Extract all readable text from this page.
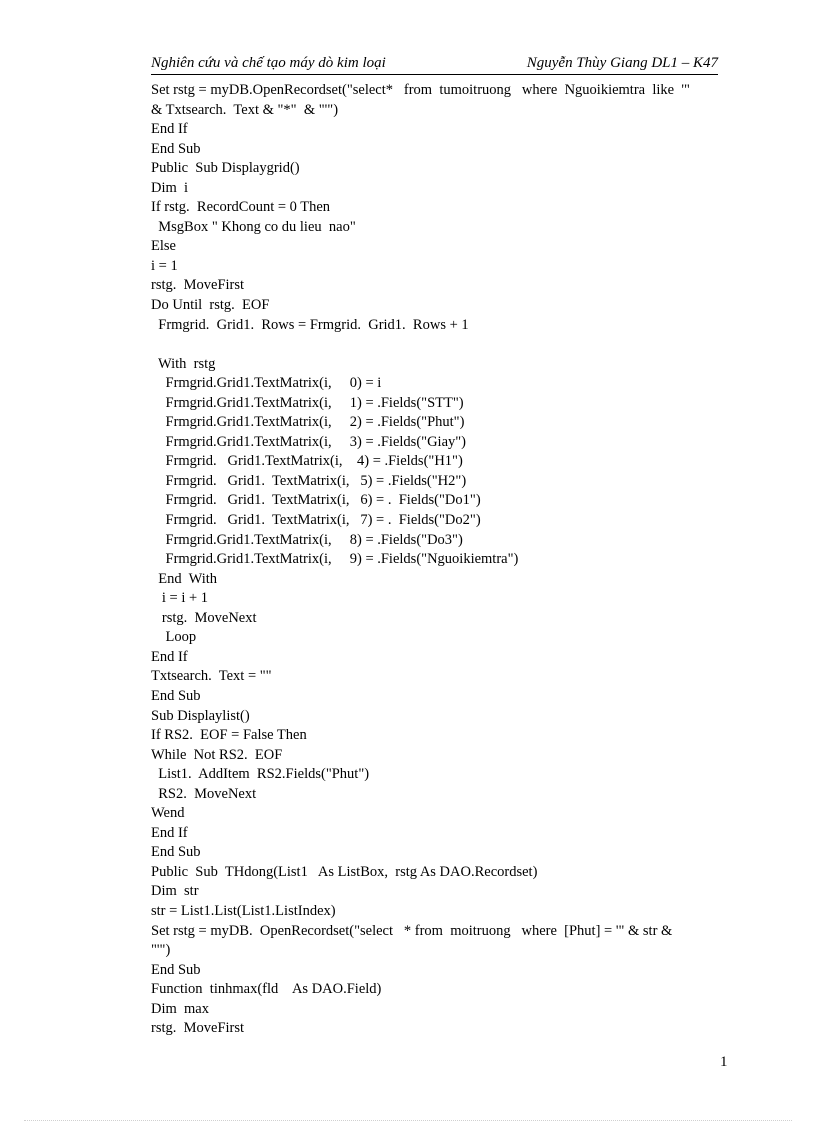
Nghiên cứu và chế tạo máy dò kim loại	Nguyễn Thùy Giang DL1 – K47
Set rstg = myDB.OpenRecordset("select*   from  tumoitruong   where  Nguoikiemtra  like  '"
& Txtsearch.  Text & "*"  & "'")
End If
End Sub
Public  Sub Displaygrid()
Dim  i
If rstg.  RecordCount = 0 Then
MsgBox " Khong co du lieu  nao"
Else
i = 1
rstg.  MoveFirst
Do Until  rstg.  EOF
Frmgrid.  Grid1.  Rows = Frmgrid.  Grid1.  Rows + 1
With  rstg
Frmgrid.Grid1.TextMatrix(i,     0) = i
Frmgrid.Grid1.TextMatrix(i,     1) = .Fields("STT")
Frmgrid.Grid1.TextMatrix(i,     2) = .Fields("Phut")
Frmgrid.Grid1.TextMatrix(i,     3) = .Fields("Giay")
Frmgrid.   Grid1.TextMatrix(i,    4) = .Fields("H1")
Frmgrid.   Grid1.  TextMatrix(i,   5) = .Fields("H2")
Frmgrid.   Grid1.  TextMatrix(i,   6) = .  Fields("Do1")
Frmgrid.   Grid1.  TextMatrix(i,   7) = .  Fields("Do2")
Frmgrid.Grid1.TextMatrix(i,     8) = .Fields("Do3")
Frmgrid.Grid1.TextMatrix(i,     9) = .Fields("Nguoikiemtra")
End  With
i = i + 1
rstg.  MoveNext
Loop
End If
Txtsearch.  Text = ""
End Sub
Sub Displaylist()
If RS2.  EOF = False Then
While  Not RS2.  EOF
List1.  AddItem  RS2.Fields("Phut")
RS2.  MoveNext
Wend
End If
End Sub
Public  Sub  THdong(List1   As ListBox,  rstg As DAO.Recordset)
Dim  str
str = List1.List(List1.ListIndex)
Set rstg = myDB.  OpenRecordset("select   * from  moitruong   where  [Phut] = '" & str &
"'")
End Sub
Function  tinhmax(fld    As DAO.Field)
Dim  max
rstg.  MoveFirst
1
